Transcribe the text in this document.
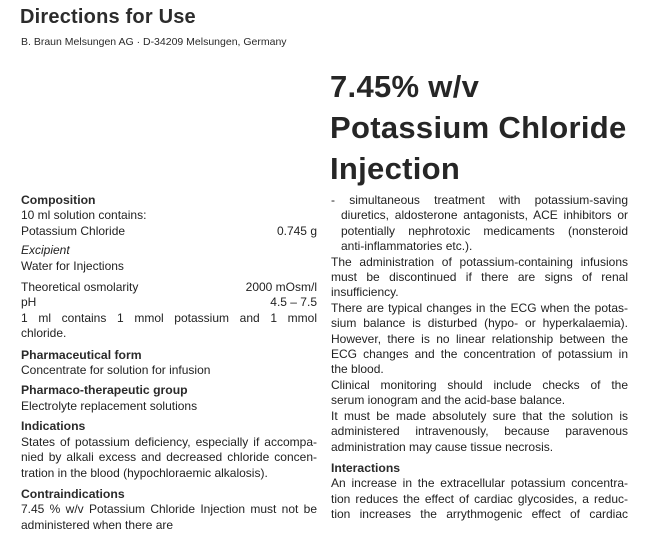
Directions for Use
B. Braun Melsungen AG · D-34209 Melsungen, Germany
7.45% w/v
Potassium Chloride
Injection
Composition
10 ml solution contains:
Potassium Chloride	0.745 g
Excipient
Water for Injections
Theoretical osmolarity	2000 mOsm/l
pH	4.5 – 7.5
1 ml contains 1 mmol potassium and 1 mmol
chloride.
Pharmaceutical form
Concentrate for solution for infusion
Pharmaco-therapeutic group
Electrolyte replacement solutions
Indications
States of potassium deficiency, especially if accompa-
nied by alkali excess and decreased chloride concen-
tration in the blood (hypochloraemic alkalosis).
Contraindications
7.45 % w/v Potassium Chloride Injection must not be
administered when there are
- simultaneous treatment with potassium-saving
diuretics, aldosterone antagonists, ACE inhibitors or
potentially nephrotoxic medicaments (nonsteroid
anti-inflammatories etc.).
The administration of potassium-containing infusions
must be discontinued if there are signs of renal
insufficiency.
There are typical changes in the ECG when the potas-
sium balance is disturbed (hypo- or hyperkalaemia).
However, there is no linear relationship between the
ECG changes and the concentration of potassium in
the blood.
Clinical monitoring should include checks of the
serum ionogram and the acid-base balance.
It must be made absolutely sure that the solution is
administered intravenously, because paravenous
administration may cause tissue necrosis.
Interactions
An increase in the extracellular potassium concentra-
tion reduces the effect of cardiac glycosides, a reduc-
tion increases the arrythmogenic effect of cardiac
